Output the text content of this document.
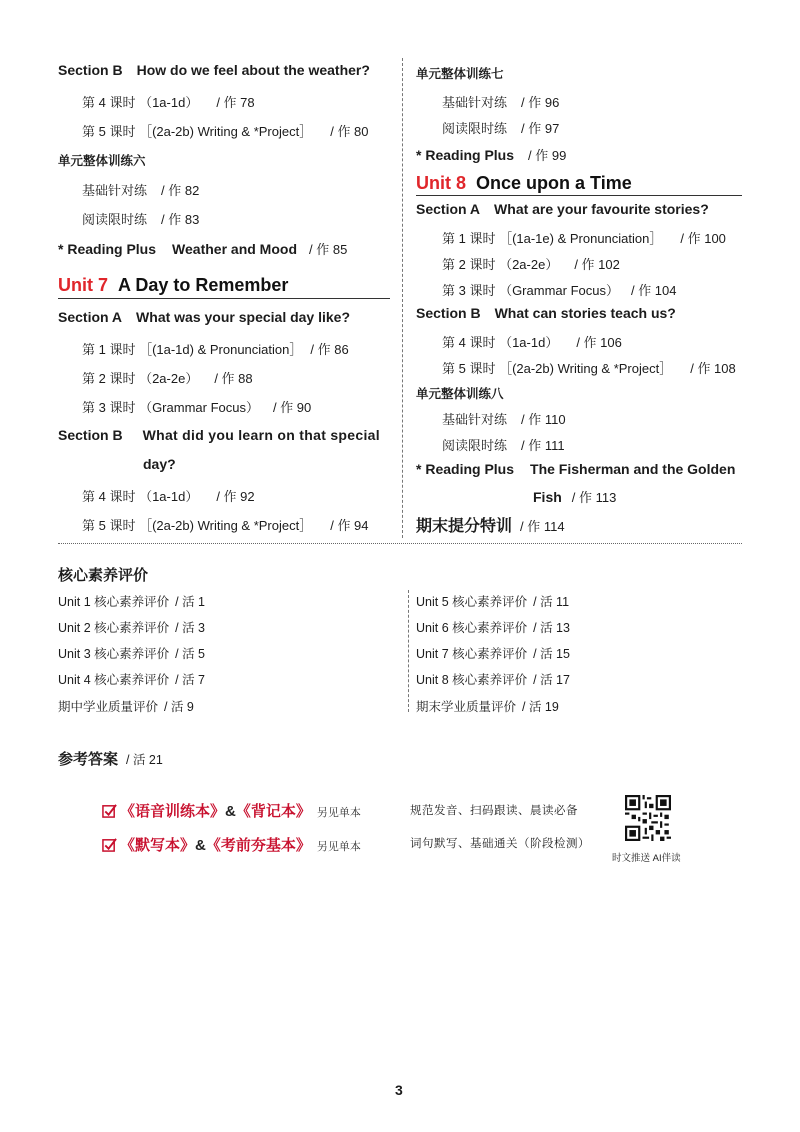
Section B How do we feel about the weather?
第 4 课时 （1a-1d） / 作 78
第 5 课时 ［(2a-2b) Writing & *Project］ / 作 80
单元整体训练六
基础针对练 / 作 82
阅读限时练 / 作 83
* Reading Plus Weather and Mood / 作 85
Unit 7 A Day to Remember
Section A What was your special day like?
第 1 课时 ［(1a-1d) & Pronunciation］ / 作 86
第 2 课时 （2a-2e） / 作 88
第 3 课时 （Grammar Focus） / 作 90
Section B What did you learn on that special
day?
第 4 课时 （1a-1d） / 作 92
第 5 课时 ［(2a-2b) Writing & *Project］ / 作 94
单元整体训练七
基础针对练 / 作 96
阅读限时练 / 作 97
* Reading Plus / 作 99
Unit 8 Once upon a Time
Section A What are your favourite stories?
第 1 课时 ［(1a-1e) & Pronunciation］ / 作 100
第 2 课时 （2a-2e） / 作 102
第 3 课时 （Grammar Focus） / 作 104
Section B What can stories teach us?
第 4 课时 （1a-1d） / 作 106
第 5 课时 ［(2a-2b) Writing & *Project］ / 作 108
单元整体训练八
基础针对练 / 作 110
阅读限时练 / 作 111
* Reading Plus The Fisherman and the Golden
Fish / 作 113
期末提分特训 / 作 114
核心素养评价
Unit 1 核心素养评价 / 活 1
Unit 2 核心素养评价 / 活 3
Unit 3 核心素养评价 / 活 5
Unit 4 核心素养评价 / 活 7
期中学业质量评价 / 活 9
Unit 5 核心素养评价 / 活 11
Unit 6 核心素养评价 / 活 13
Unit 7 核心素养评价 / 活 15
Unit 8 核心素养评价 / 活 17
期末学业质量评价 / 活 19
参考答案 / 活 21
《语音训练本》&《背记本》 另见单本	规范发音、扫码跟读、晨读必备
《默写本》&《考前夯基本》 另见单本	词句默写、基础通关（阶段检测）
时文推送 AI伴读
3
